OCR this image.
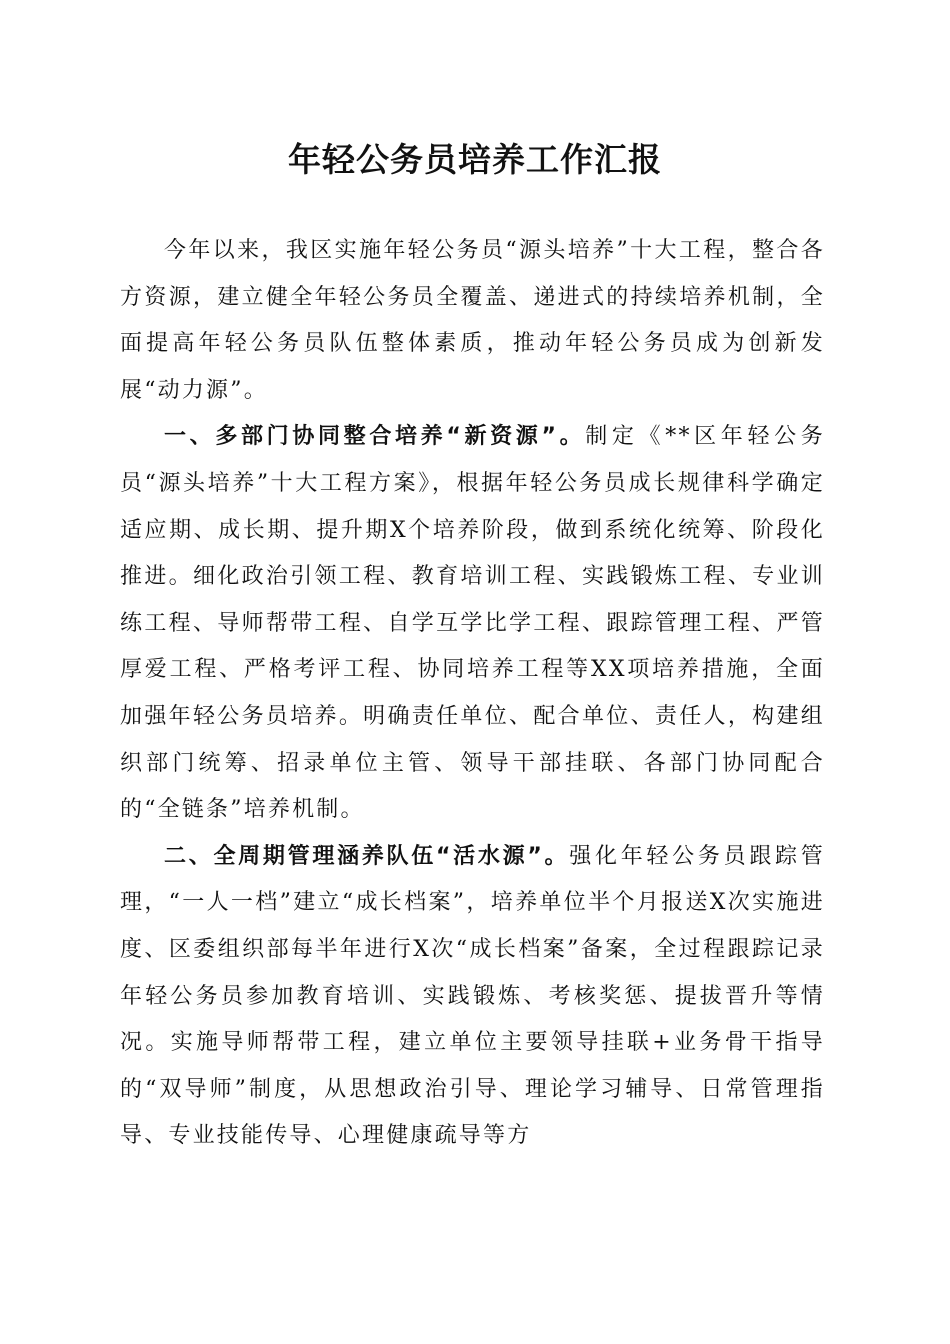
年轻公务员培养工作汇报

今年以来，我区实施年轻公务员“源头培养”十大工程，整合各方资源，建立健全年轻公务员全覆盖、递进式的持续培养机制，全面提高年轻公务员队伍整体素质，推动年轻公务员成为创新发展“动力源”。

一、多部门协同整合培养“新资源”。制定《**区年轻公务员“源头培养”十大工程方案》，根据年轻公务员成长规律科学确定适应期、成长期、提升期X个培养阶段，做到系统化统筹、阶段化推进。细化政治引领工程、教育培训工程、实践锻炼工程、专业训练工程、导师帮带工程、自学互学比学工程、跟踪管理工程、严管厚爱工程、严格考评工程、协同培养工程等XX项培养措施，全面加强年轻公务员培养。明确责任单位、配合单位、责任人，构建组织部门统筹、招录单位主管、领导干部挂联、各部门协同配合的“全链条”培养机制。

二、全周期管理涵养队伍“活水源”。强化年轻公务员跟踪管理，“一人一档”建立“成长档案”，培养单位半个月报送X次实施进度、区委组织部每半年进行X次“成长档案”备案，全过程跟踪记录年轻公务员参加教育培训、实践锻炼、考核奖惩、提拔晋升等情况。实施导师帮带工程，建立单位主要领导挂联+业务骨干指导的“双导师”制度，从思想政治引导、理论学习辅导、日常管理指导、专业技能传导、心理健康疏导等方
